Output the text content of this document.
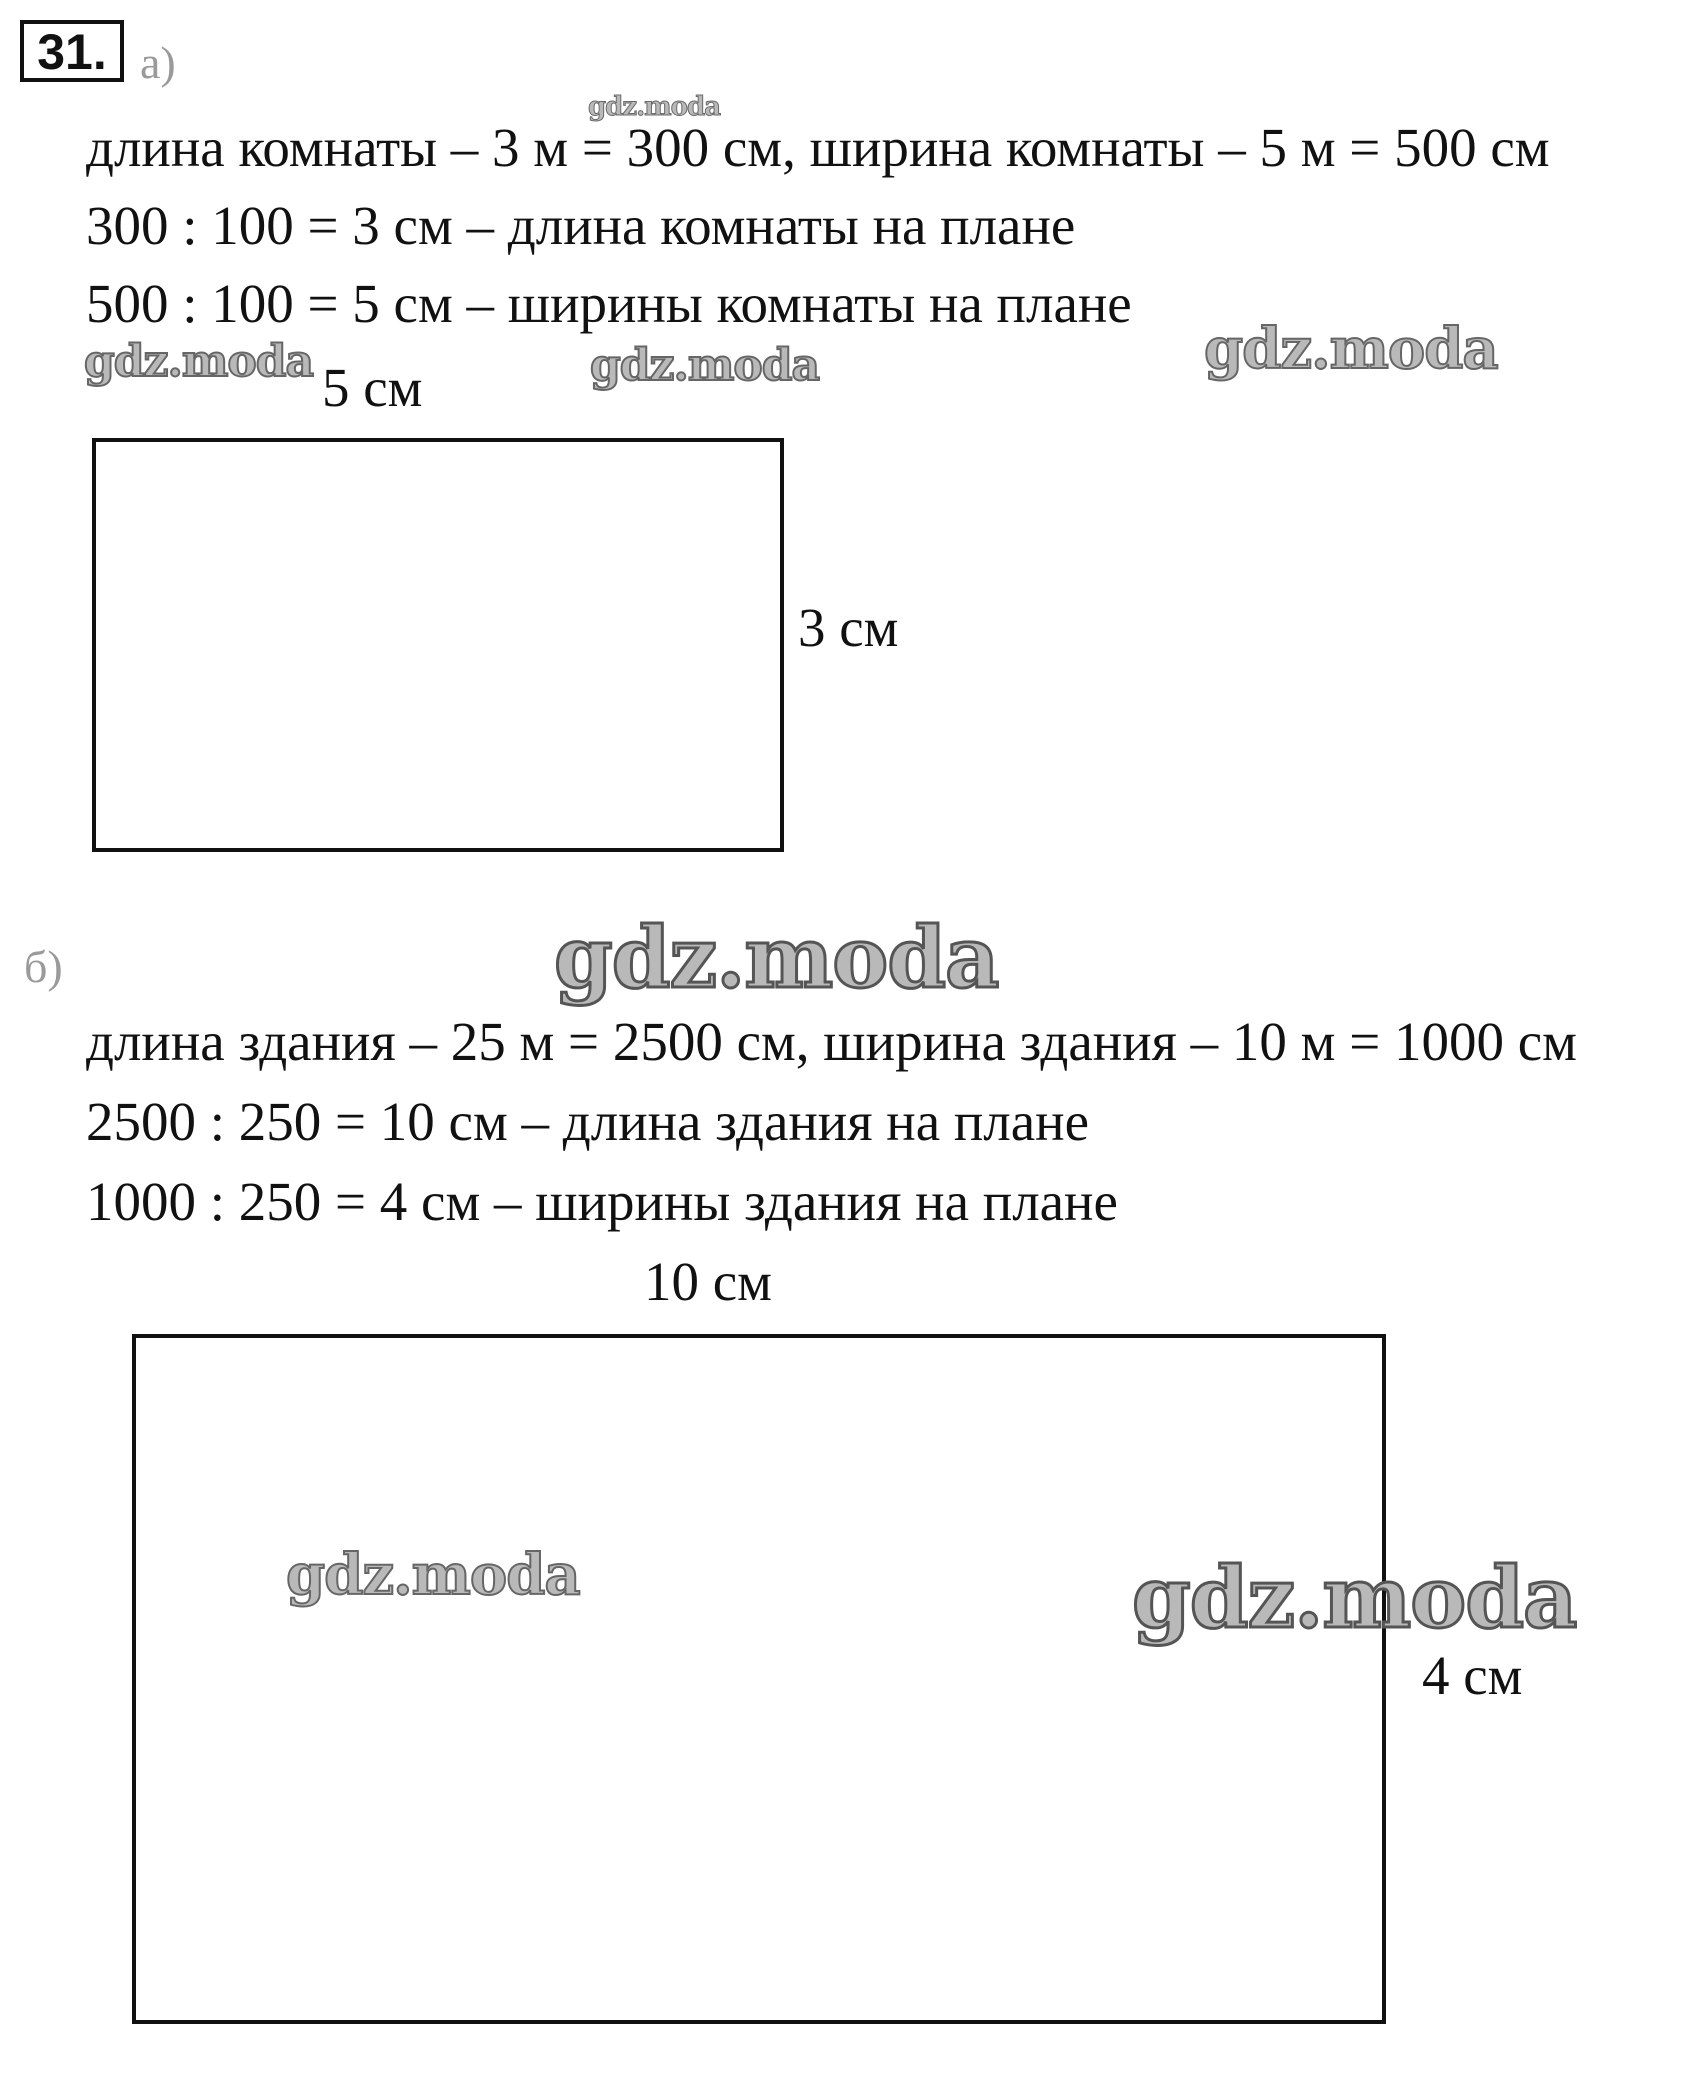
31. а)
длина комнаты – 3 м = 300 см, ширина комнаты – 5 м = 500 см
300 : 100 = 3 см – длина комнаты на плане
500 : 100 = 5 см – ширины комнаты на плане
5 см
3 см
б)
длина здания – 25 м = 2500 см, ширина здания – 10 м = 1000 см
2500 : 250 = 10 см – длина здания на плане
1000 : 250 = 4 см – ширины здания на плане
10 см
4 см
gdz.moda
gdz.moda	gdz.moda	gdz.moda
gdz.moda
gdz.moda	gdz.moda
